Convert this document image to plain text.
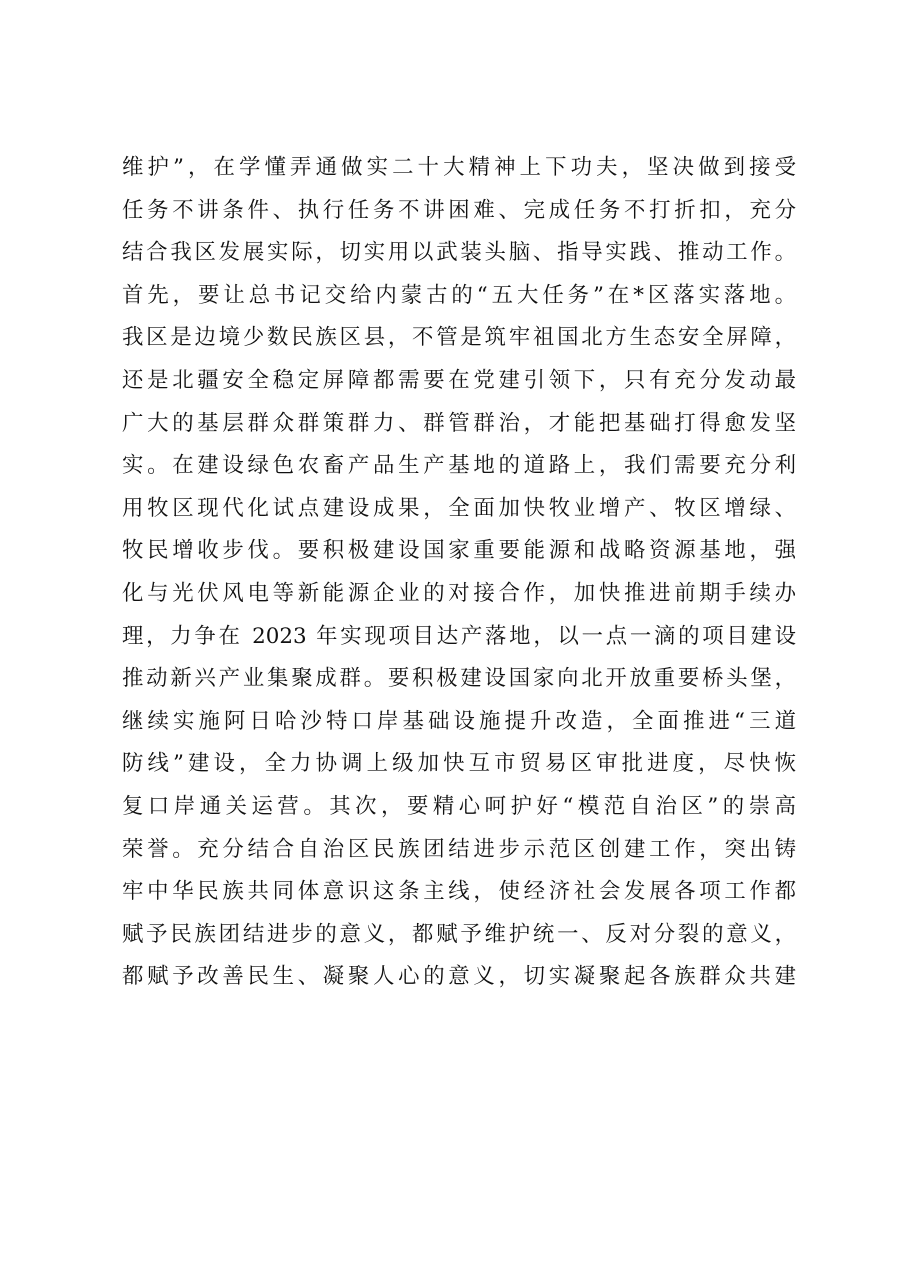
维护”，在学懂弄通做实二十大精神上下功夫，坚决做到接受
任务不讲条件、执行任务不讲困难、完成任务不打折扣，充分
结合我区发展实际，切实用以武装头脑、指导实践、推动工作。
首先，要让总书记交给内蒙古的“五大任务”在*区落实落地。
我区是边境少数民族区县，不管是筑牢祖国北方生态安全屏障，
还是北疆安全稳定屏障都需要在党建引领下，只有充分发动最
广大的基层群众群策群力、群管群治，才能把基础打得愈发坚
实。在建设绿色农畜产品生产基地的道路上，我们需要充分利
用牧区现代化试点建设成果，全面加快牧业增产、牧区增绿、
牧民增收步伐。要积极建设国家重要能源和战略资源基地，强
化与光伏风电等新能源企业的对接合作，加快推进前期手续办
理，力争在 2023 年实现项目达产落地，以一点一滴的项目建设
推动新兴产业集聚成群。要积极建设国家向北开放重要桥头堡，
继续实施阿日哈沙特口岸基础设施提升改造，全面推进“三道
防线”建设，全力协调上级加快互市贸易区审批进度，尽快恢
复口岸通关运营。其次，要精心呵护好“模范自治区”的崇高
荣誉。充分结合自治区民族团结进步示范区创建工作，突出铸
牢中华民族共同体意识这条主线，使经济社会发展各项工作都
赋予民族团结进步的意义，都赋予维护统一、反对分裂的意义，
都赋予改善民生、凝聚人心的意义，切实凝聚起各族群众共建
